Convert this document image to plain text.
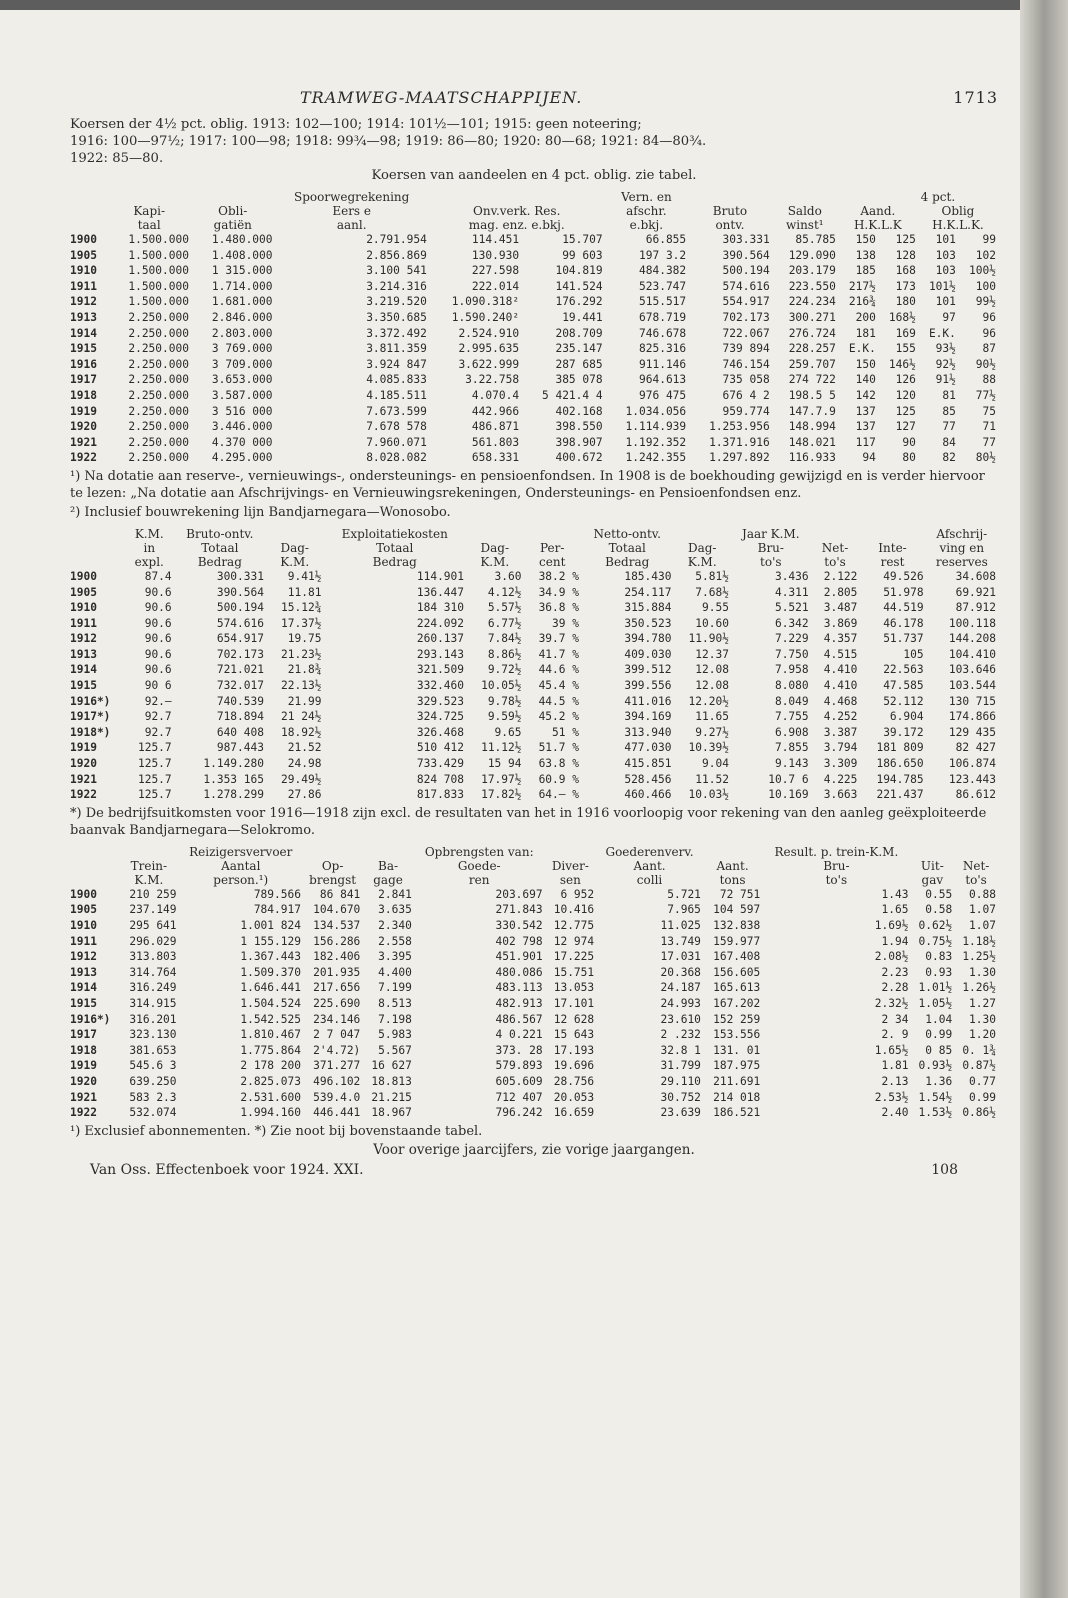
TRAMWEG-MAATSCHAPPIJEN.	1713
Koersen der 4½ pct. oblig. 1913: 102—100; 1914: 101½—101; 1915: geen noteering;
1916: 100—97½; 1917: 100—98; 1918: 99¾—98; 1919: 86—80; 1920: 80—68; 1921: 84—80¾.
1922: 85—80.
Koersen van aandeelen en 4 pct. oblig. zie tabel.
			Spoorwegrekening			Vern. en				4 pct.		
	Kapi-	Obli-	Eers e	Onv.verk. Res.		afschr.	Bruto	Saldo	Aand.		Oblig	
	taal	gatiën	aanl.	mag. enz. e.bkj.		e.bkj.	ontv.	winst¹	H.K.L.K		H.K.L.K.	
1900	1.500.000	1.480.000	2.791.954	114.451	15.707	66.855	303.331	85.785	150	125	101	99
1905	1.500.000	1.408.000	2.856.869	130.930	99 603	197 3.2	390.564	129.090	138	128	103	102
1910	1.500.000	1 315.000	3.100 541	227.598	104.819	484.382	500.194	203.179	185	168	103	100½
1911	1.500.000	1.714.000	3.214.316	222.014	141.524	523.747	574.616	223.550	217½	173	101½	100
1912	1.500.000	1.681.000	3.219.520	1.090.318²	176.292	515.517	554.917	224.234	216¾	180	101	99½
1913	2.250.000	2.846.000	3.350.685	1.590.240²	19.441	678.719	702.173	300.271	200	168½	97	96
1914	2.250.000	2.803.000	3.372.492	2.524.910	208.709	746.678	722.067	276.724	181	169	E.K.	96
1915	2.250.000	3 769.000	3.811.359	2.995.635	235.147	825.316	739 894	228.257	E.K.	155	93½	87
1916	2.250.000	3 709.000	3.924 847	3.622.999	287 685	911.146	746.154	259.707	150	146½	92½	90½
1917	2.250.000	3.653.000	4.085.833	3.22.758	385 078	964.613	735 058	274 722	140	126	91½	88
1918	2.250.000	3.587.000	4.185.511	4.070.4	5 421.4 4	976 475	676 4 2	198.5 5	142	120	81	77½
1919	2.250.000	3 516 000	7.673.599	442.966	402.168	1.034.056	959.774	147.7.9	137	125	85	75
1920	2.250.000	3.446.000	7.678 578	486.871	398.550	1.114.939	1.253.956	148.994	137	127	77	71
1921	2.250.000	4.370 000	7.960.071	561.803	398.907	1.192.352	1.371.916	148.021	117	90	84	77
1922	2.250.000	4.295.000	8.028.082	658.331	400.672	1.242.355	1.297.892	116.933	94	80	82	80½
¹) Na dotatie aan reserve-, vernieuwings-, ondersteunings- en pensioenfondsen. In 1908 is de boekhouding gewijzigd en is verder hiervoor te lezen: „Na dotatie aan Afschrijvings- en Vernieuwingsrekeningen, Ondersteunings- en Pensioenfondsen enz.
²) Inclusief bouwrekening lijn Bandjarnegara—Wonosobo.
	K.M.	Bruto-ontv.		Exploitatiekosten			Netto-ontv.		Jaar K.M.			Afschrij-
	in	Totaal	Dag-	Totaal	Dag-	Per-	Totaal	Dag-	Bru-	Net-	Inte-	ving en
	expl.	Bedrag	K.M.	Bedrag	K.M.	cent	Bedrag	K.M.	to's	to's	rest	reserves
1900	87.4	300.331	9.41½	114.901	3.60	38.2 %	185.430	5.81½	3.436	2.122	49.526	34.608
1905	90.6	390.564	11.81	136.447	4.12½	34.9 %	254.117	7.68½	4.311	2.805	51.978	69.921
1910	90.6	500.194	15.12¾	184 310	5.57½	36.8 %	315.884	9.55	5.521	3.487	44.519	87.912
1911	90.6	574.616	17.37½	224.092	6.77½	39 %	350.523	10.60	6.342	3.869	46.178	100.118
1912	90.6	654.917	19.75	260.137	7.84½	39.7 %	394.780	11.90½	7.229	4.357	51.737	144.208
1913	90.6	702.173	21.23½	293.143	8.86½	41.7 %	409.030	12.37	7.750	4.515	105	104.410
1914	90.6	721.021	21.8¾	321.509	9.72½	44.6 %	399.512	12.08	7.958	4.410	22.563	103.646
1915	90 6	732.017	22.13½	332.460	10.05½	45.4 %	399.556	12.08	8.080	4.410	47.585	103.544
1916*)	92.—	740.539	21.99	329.523	9.78½	44.5 %	411.016	12.20½	8.049	4.468	52.112	130 715
1917*)	92.7	718.894	21 24½	324.725	9.59½	45.2 %	394.169	11.65	7.755	4.252	6.904	174.866
1918*)	92.7	640 408	18.92½	326.468	9.65	51 %	313.940	9.27½	6.908	3.387	39.172	129 435
1919	125.7	987.443	21.52	510 412	11.12½	51.7 %	477.030	10.39½	7.855	3.794	181 809	82 427
1920	125.7	1.149.280	24.98	733.429	15 94	63.8 %	415.851	9.04	9.143	3.309	186.650	106.874
1921	125.7	1.353 165	29.49½	824 708	17.97½	60.9 %	528.456	11.52	10.7 6	4.225	194.785	123.443
1922	125.7	1.278.299	27.86	817.833	17.82½	64.— %	460.466	10.03½	10.169	3.663	221.437	86.612
*) De bedrijfsuitkomsten voor 1916—1918 zijn excl. de resultaten van het in 1916 voorloopig voor rekening van den aanleg geëxploiteerde baanvak Bandjarnegara—Selokromo.
		Reizigersvervoer			Opbrengsten van:		Goederenverv.		Result. p. trein-K.M.		
	Trein-	Aantal	Op-	Ba-	Goede-	Diver-	Aant.	Aant.	Bru-	Uit-	Net-
	K.M.	person.¹)	brengst	gage	ren	sen	colli	tons	to's	gav	to's
1900	210 259	789.566	86 841	2.841	203.697	6 952	5.721	72 751	1.43	0.55	0.88
1905	237.149	784.917	104.670	3.635	271.843	10.416	7.965	104 597	1.65	0.58	1.07
1910	295 641	1.001 824	134.537	2.340	330.542	12.775	11.025	132.838	1.69½	0.62½	1.07
1911	296.029	1 155.129	156.286	2.558	402 798	12 974	13.749	159.977	1.94	0.75½	1.18½
1912	313.803	1.367.443	182.406	3.395	451.901	17.225	17.031	167.408	2.08½	0.83	1.25½
1913	314.764	1.509.370	201.935	4.400	480.086	15.751	20.368	156.605	2.23	0.93	1.30
1914	316.249	1.646.441	217.656	7.199	483.113	13.053	24.187	165.613	2.28	1.01½	1.26½
1915	314.915	1.504.524	225.690	8.513	482.913	17.101	24.993	167.202	2.32½	1.05½	1.27
1916*)	316.201	1.542.525	234.146	7.198	486.567	12 628	23.610	152 259	2 34	1.04	1.30
1917	323.130	1.810.467	2 7 047	5.983	4 0.221	15 643	2 .232	153.556	2. 9	0.99	1.20
1918	381.653	1.775.864	2'4.72)	5.567	373. 28	17.193	32.8 1	131. 01	1.65½	0 85	0. 1¾
1919	545.6 3	2 178 200	371.277	16 627	579.893	19.696	31.799	187.975	1.81	0.93½	0.87½
1920	639.250	2.825.073	496.102	18.813	605.609	28.756	29.110	211.691	2.13	1.36	0.77
1921	583 2.3	2.531.600	539.4.0	21.215	712 407	20.053	30.752	214 018	2.53½	1.54½	0.99
1922	532.074	1.994.160	446.441	18.967	796.242	16.659	23.639	186.521	2.40	1.53½	0.86½
¹) Exclusief abonnementen. *) Zie noot bij bovenstaande tabel.
Voor overige jaarcijfers, zie vorige jaargangen.
Van Oss. Effectenboek voor 1924. XXI.	108
